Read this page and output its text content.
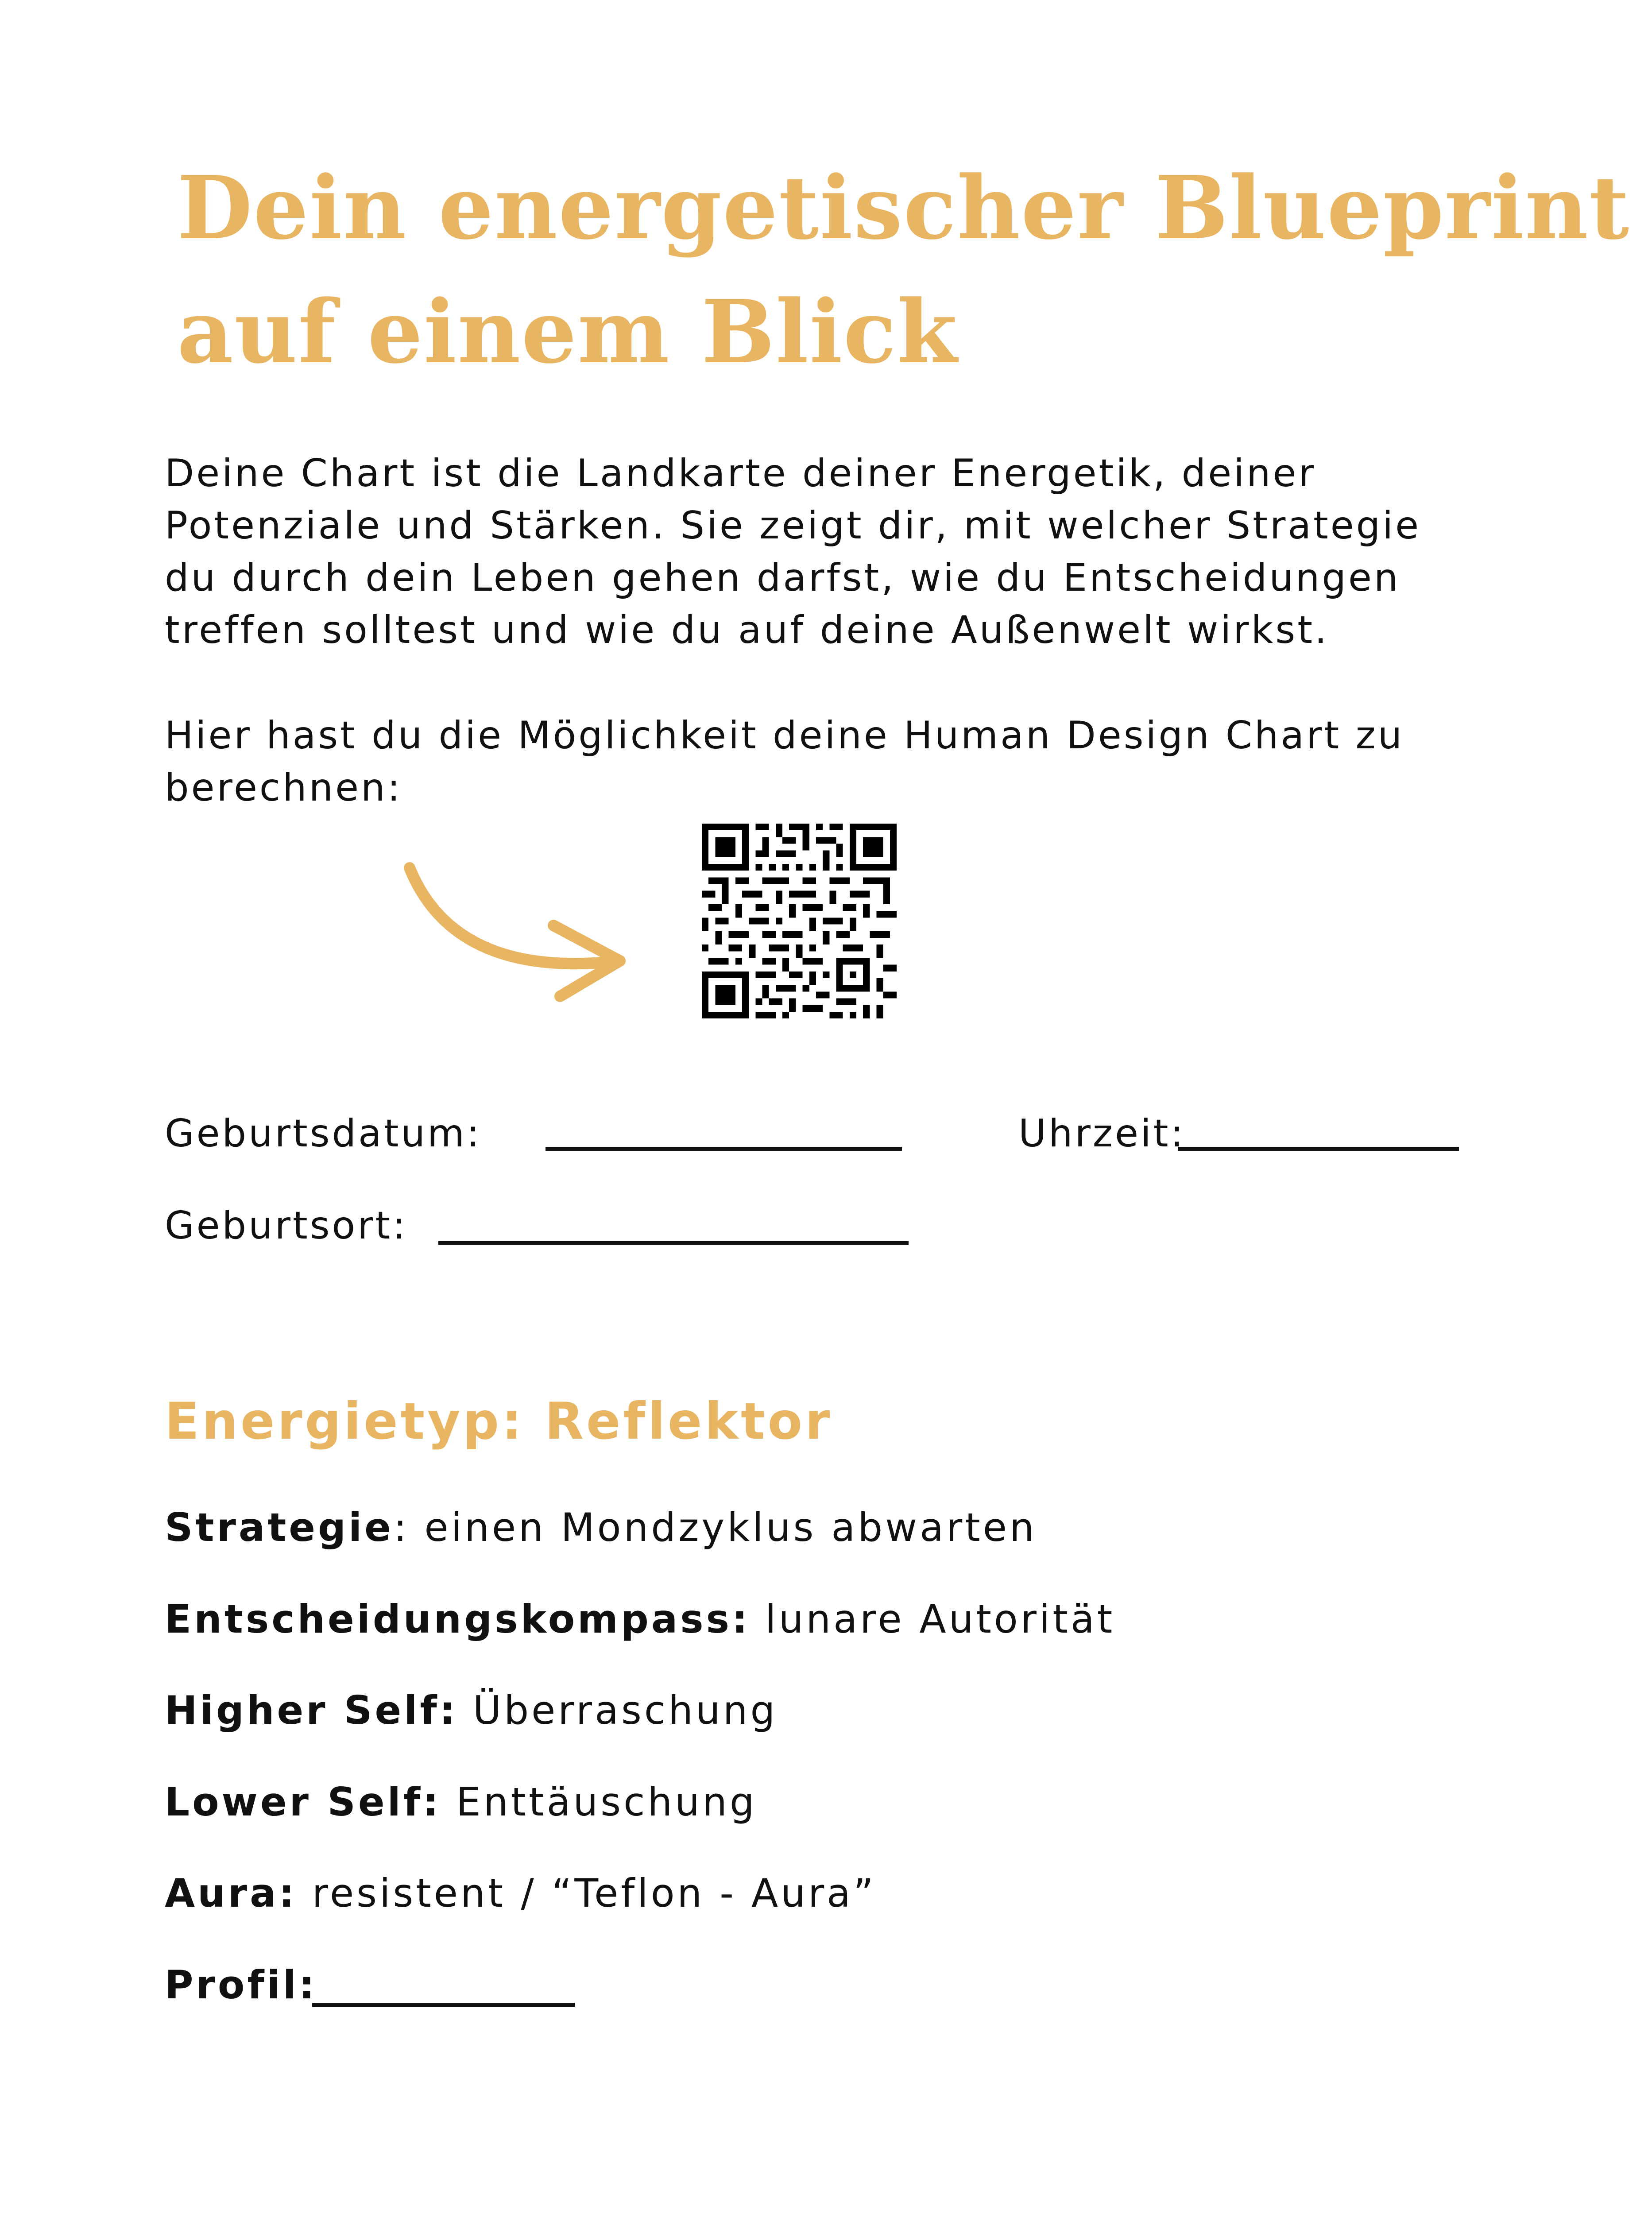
Dein energetischer Blueprint
auf einem Blick
Deine Chart ist die Landkarte deiner Energetik, deiner
Potenziale und Stärken. Sie zeigt dir, mit welcher Strategie
du durch dein Leben gehen darfst, wie du Entscheidungen
treffen solltest und wie du auf deine Außenwelt wirkst.
Hier hast du die Möglichkeit deine Human Design Chart zu
berechnen:
Geburtsdatum:	Uhrzeit:
Geburtsort:
Energietyp: Reflektor
Strategie: einen Mondzyklus abwarten
Entscheidungskompass: lunare Autorität
Higher Self: Überraschung
Lower Self: Enttäuschung
Aura: resistent / “Teflon - Aura”
Profil:
